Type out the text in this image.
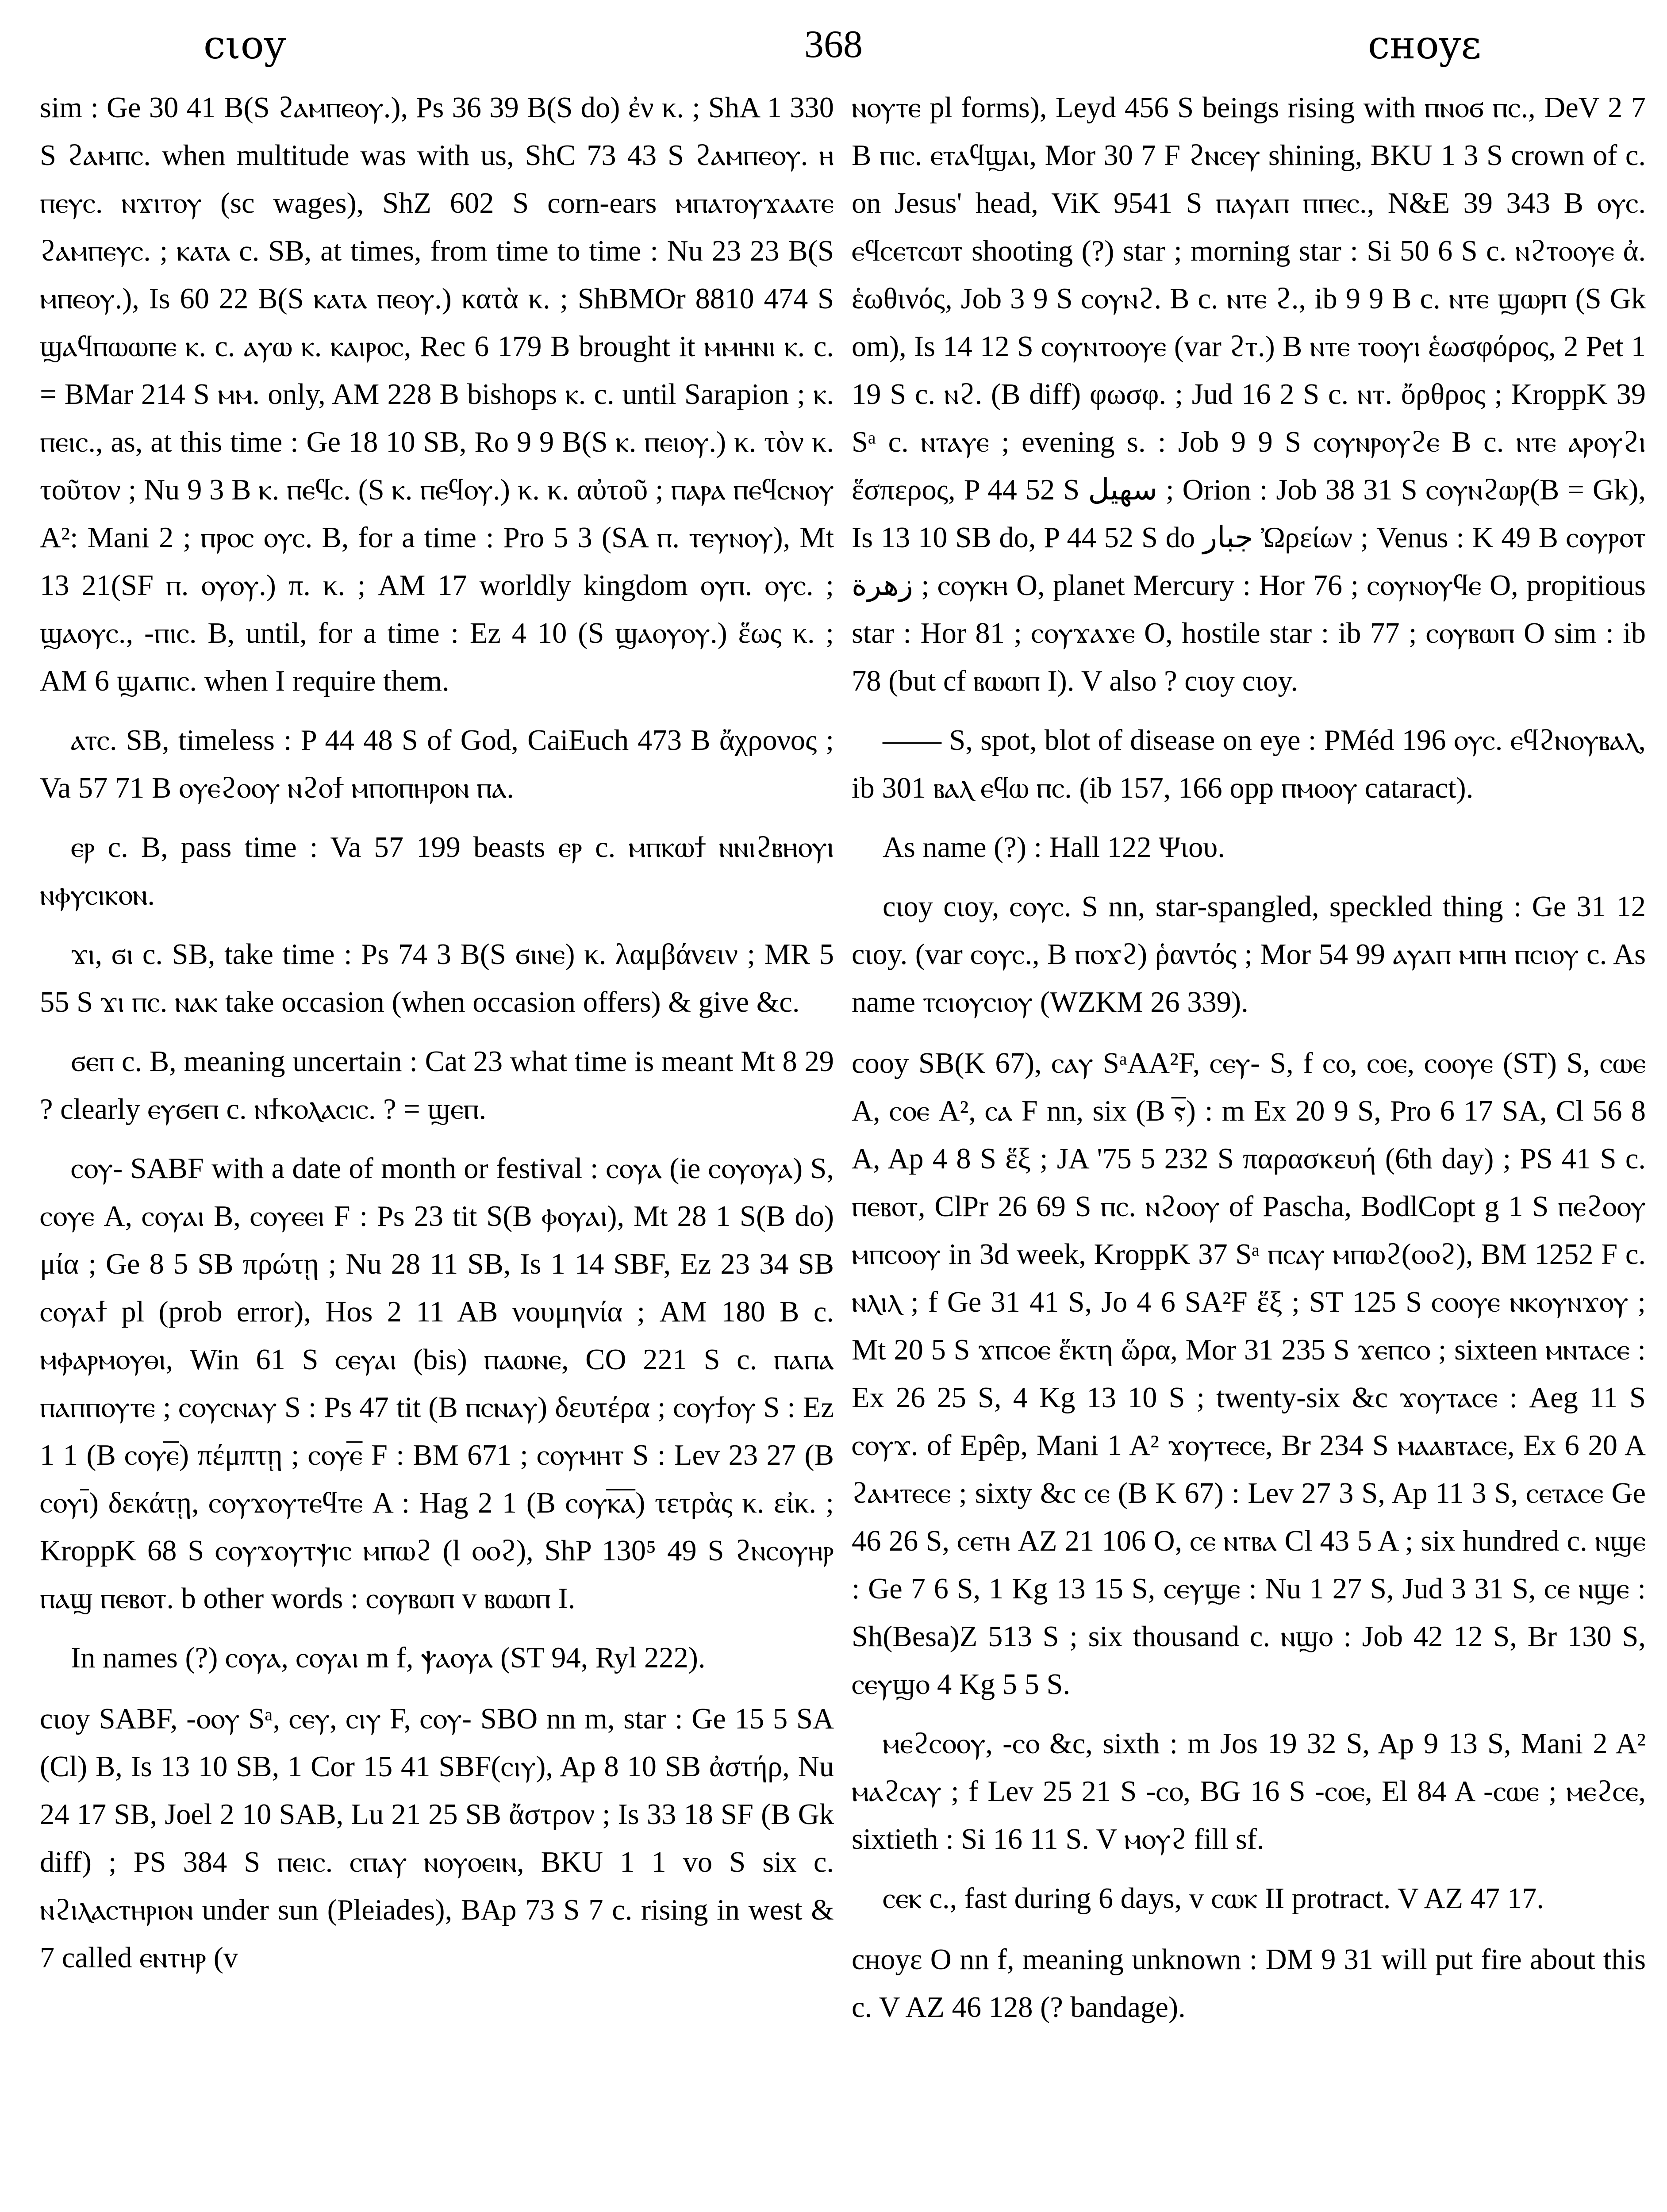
cιoy	368	cнoyɛ

sim : Ge 30 41 B(S ϩⲁⲙⲡⲉⲟⲩ.), Ps 36 39 B(S do) ἐν κ. ; ShA 1 330 S ϩⲁⲙⲡⲥ. when multitude was with us, ShC 73 43 S ϩⲁⲙⲡⲉⲟⲩ. ⲏ ⲡⲉⲩⲥ. ⲛϫⲓⲧⲟⲩ (sc wages), ShZ 602 S corn-ears ⲙⲡⲁⲧⲟⲩϫⲁⲁⲧⲉ ϩⲁⲙⲡⲉⲩⲥ. ; ⲕⲁⲧⲁ c. SB, at times, from time to time : Nu 23 23 B(S ⲙⲡⲉⲟⲩ.), Is 60 22 B(S ⲕⲁⲧⲁ ⲡⲉⲟⲩ.) κατὰ κ. ; ShBMOr 8810 474 S ϣⲁϥⲡⲱⲱⲡⲉ ⲕ. c. ⲁⲩⲱ ⲕ. ⲕⲁⲓⲣⲟⲥ, Rec 6 179 B brought it ⲙⲙⲏⲛⲓ ⲕ. c. = BMar 214 S ⲙⲙ. only, AM 228 B bishops ⲕ. c. until Sarapion ; ⲕ. ⲡⲉⲓⲥ., as, at this time : Ge 18 10 SB, Ro 9 9 B(S ⲕ. ⲡⲉⲓⲟⲩ.) κ. τὸν κ. τοῦτον ; Nu 9 3 B ⲕ. ⲡⲉϥⲥ. (S ⲕ. ⲡⲉϥⲟⲩ.) κ. κ. αὐτοῦ ; ⲡⲁⲣⲁ ⲡⲉϥⲥⲛⲟⲩ A²: Mani 2 ; ⲡⲣⲟⲥ ⲟⲩⲥ. B, for a time : Pro 5 3 (SA ⲡ. ⲧⲉⲩⲛⲟⲩ), Mt 13 21(SF ⲡ. ⲟⲩⲟⲩ.) π. κ. ; AM 17 worldly kingdom ⲟⲩⲡ. ⲟⲩⲥ. ; ϣⲁⲟⲩⲥ., -ⲡⲓⲥ. B, until, for a time : Ez 4 10 (S ϣⲁⲟⲩⲟⲩ.) ἕως κ. ; AM 6 ϣⲁⲡⲓⲥ. when I require them.

ⲁⲧⲥ. SB, timeless : P 44 48 S of God, CaiEuch 473 B ἄχρονος ; Va 57 71 B ⲟⲩⲉϩⲟⲟⲩ ⲛϩⲟϯ ⲙⲡⲟⲡⲏⲣⲟⲛ ⲡⲁ.

ⲉⲣ c. B, pass time : Va 57 199 beasts ⲉⲣ c. ⲙⲡⲕⲱϯ ⲛⲛⲓϩⲃⲏⲟⲩⲓ ⲛⲫⲩⲥⲓⲕⲟⲛ.

ϫⲓ, ϭⲓ c. SB, take time : Ps 74 3 B(S ϭⲓⲛⲉ) κ. λαμβάνειν ; MR 5 55 S ϫⲓ ⲡⲥ. ⲛⲁⲕ take occasion (when occasion offers) & give &c.

ϭⲉⲡ c. B, meaning uncertain : Cat 23 what time is meant Mt 8 29 ? clearly ⲉⲩϭⲉⲡ c. ⲛϯⲕⲟⲗⲁⲥⲓⲥ. ? = ϣⲉⲡ.

ⲥⲟⲩ- SABF with a date of month or festival : ⲥⲟⲩⲁ (ie ⲥⲟⲩⲟⲩⲁ) S, ⲥⲟⲩⲉ A, ⲥⲟⲩⲁⲓ B, ⲥⲟⲩⲉⲉⲓ F : Ps 23 tit S(B ⲫⲟⲩⲁⲓ), Mt 28 1 S(B do) μία ; Ge 8 5 SB πρώτῃ ; Nu 28 11 SB, Is 1 14 SBF, Ez 23 34 SB ⲥⲟⲩⲁϯ pl (prob error), Hos 2 11 AB νουμηνία ; AM 180 B c. ⲙⲫⲁⲣⲙⲟⲩⲑⲓ, Win 61 S ⲥⲉⲩⲁⲓ (bis) ⲡⲁⲱⲛⲉ, CO 221 S c. ⲡⲁⲡⲁ ⲡⲁⲡⲡⲟⲩⲧⲉ ; ⲥⲟⲩⲥⲛⲁⲩ S : Ps 47 tit (B ⲡⲥⲛⲁⲩ) δευτέρα ; ⲥⲟⲩϯⲟⲩ S : Ez 1 1 (B ⲥⲟⲩⲉ̅) πέμπτῃ ; ⲥⲟⲩⲉ̅ F : BM 671 ; ⲥⲟⲩⲙⲏⲧ S : Lev 23 27 (B ⲥⲟⲩⲓ̅) δεκάτῃ, ⲥⲟⲩϫⲟⲩⲧⲉϥⲧⲉ A : Hag 2 1 (B ⲥⲟⲩⲕ̅ⲁ̅) τετρὰς κ. εἰκ. ; KroppK 68 S ⲥⲟⲩϫⲟⲩⲧⲯⲓⲥ ⲙⲡⲱϩ (l ⲟⲟϩ), ShP 130⁵ 49 S ϩⲛⲥⲟⲩⲏⲣ ⲡⲁϣ ⲡⲉⲃⲟⲧ. b other words : ⲥⲟⲩⲃⲱⲡ v ⲃⲱⲱⲡ I.

In names (?) ⲥⲟⲩⲁ, ⲥⲟⲩⲁⲓ m f, ⲯⲁⲟⲩⲁ (ST 94, Ryl 222).

cιoy SABF, -ⲟⲟⲩ Sᵃ, ⲥⲉⲩ, ⲥⲓⲩ F, ⲥⲟⲩ- SBO nn m, star : Ge 15 5 SA (Cl) B, Is 13 10 SB, 1 Cor 15 41 SBF(ⲥⲓⲩ), Ap 8 10 SB ἀστήρ, Nu 24 17 SB, Joel 2 10 SAB, Lu 21 25 SB ἄστρον ; Is 33 18 SF (B Gk diff) ; PS 384 S ⲡⲉⲓⲥ. ⲥⲡⲁⲩ ⲛⲟⲩⲟⲉⲓⲛ, BKU 1 1 vo S six c. ⲛϩⲓⲗⲁⲥⲧⲏⲣⲓⲟⲛ under sun (Pleiades), BAp 73 S 7 c. rising in west & 7 called ⲉⲛⲧⲏⲣ (v

ⲛⲟⲩⲧⲉ pl forms), Leyd 456 S beings rising with ⲡⲛⲟϭ ⲡⲥ., DeV 2 7 B ⲡⲓⲥ. ⲉⲧⲁϥϣⲁⲓ, Mor 30 7 F ϩⲛⲥⲉⲩ shining, BKU 1 3 S crown of c. on Jesus' head, ViK 9541 S ⲡⲁⲩⲁⲡ ⲡⲡⲉⲥ., N&E 39 343 B ⲟⲩⲥ. ⲉϥⲥⲉⲧⲥⲱⲧ shooting (?) star ; morning star : Si 50 6 S c. ⲛϩⲧⲟⲟⲩⲉ ἀ. ἑωθινός, Job 3 9 S ⲥⲟⲩⲛϩ. B c. ⲛⲧⲉ ϩ., ib 9 9 B c. ⲛⲧⲉ ϣⲱⲣⲡ (S Gk om), Is 14 12 S ⲥⲟⲩⲛⲧⲟⲟⲩⲉ (var ϩⲧ.) B ⲛⲧⲉ ⲧⲟⲟⲩⲓ ἑωσφόρος, 2 Pet 1 19 S c. ⲛϩ. (B diff) φωσφ. ; Jud 16 2 S c. ⲛⲧ. ὄρθρος ; KroppK 39 Sᵃ c. ⲛⲧⲁⲩⲉ ; evening s. : Job 9 9 S ⲥⲟⲩⲛⲣⲟⲩϩⲉ B c. ⲛⲧⲉ ⲁⲣⲟⲩϩⲓ ἕσπερος, P 44 52 S سهيل ; Orion : Job 38 31 S ⲥⲟⲩⲛϩⲱⲣ(B = Gk), Is 13 10 SB do, P 44 52 S do جبار Ὠρείων ; Venus : K 49 B ⲥⲟⲩⲣⲟⲧ زهرة ; ⲥⲟⲩⲕⲏ O, planet Mercury : Hor 76 ; ⲥⲟⲩⲛⲟⲩϥⲉ O, propitious star : Hor 81 ; ⲥⲟⲩϫⲁϫⲉ O, hostile star : ib 77 ; ⲥⲟⲩⲃⲱⲡ O sim : ib 78 (but cf ⲃⲱⲱⲡ I). V also ? cιoy cιoy.

—— S, spot, blot of disease on eye : PMéd 196 ⲟⲩⲥ. ⲉϥϩⲛⲟⲩⲃⲁⲗ, ib 301 ⲃⲁⲗ ⲉϥⲱ ⲡⲥ. (ib 157, 166 opp ⲡⲙⲟⲟⲩ cataract).

As name (?) : Hall 122 Ψιου.

cιoy cιoy, ⲥⲟⲩⲥ. S nn, star-spangled, speckled thing : Ge 31 12 cιoy. (var ⲥⲟⲩⲥ., B ⲡⲟϫϩ) ῥαντός ; Mor 54 99 ⲁⲩⲁⲡ ⲙⲡⲏ ⲡⲥⲓⲟⲩ c. As name ⲧⲥⲓⲟⲩⲥⲓⲟⲩ (WZKM 26 339).

cooy SB(K 67), ⲥⲁⲩ SᵃAA²F, ⲥⲉⲩ- S, f ⲥⲟ, ⲥⲟⲉ, ⲥⲟⲟⲩⲉ (ST) S, ⲥⲱⲉ A, ⲥⲟⲉ A², ⲥⲁ F nn, six (B ⲋ̅) : m Ex 20 9 S, Pro 6 17 SA, Cl 56 8 A, Ap 4 8 S ἕξ ; JA '75 5 232 S παρασκευή (6th day) ; PS 41 S c. ⲡⲉⲃⲟⲧ, ClPr 26 69 S ⲡⲥ. ⲛϩⲟⲟⲩ of Pascha, BodlCopt g 1 S ⲡⲉϩⲟⲟⲩ ⲙⲡⲥⲟⲟⲩ in 3d week, KroppK 37 Sᵃ ⲡⲥⲁⲩ ⲙⲡⲱϩ(ⲟⲟϩ), BM 1252 F c. ⲛⲗⲓⲗ ; f Ge 31 41 S, Jo 4 6 SA²F ἕξ ; ST 125 S ⲥⲟⲟⲩⲉ ⲛⲕⲟⲩⲛϫⲟⲩ ; Mt 20 5 S ϫⲡⲥⲟⲉ ἕκτη ὥρα, Mor 31 235 S ϫⲉⲡⲥⲟ ; sixteen ⲙⲛⲧⲁⲥⲉ : Ex 26 25 S, 4 Kg 13 10 S ; twenty-six &c ϫⲟⲩⲧⲁⲥⲉ : Aeg 11 S ⲥⲟⲩϫ. of Epêp, Mani 1 A² ϫⲟⲩⲧⲉⲥⲉ, Br 234 S ⲙⲁⲁⲃⲧⲁⲥⲉ, Ex 6 20 A ϩⲁⲙⲧⲉⲥⲉ ; sixty &c ⲥⲉ (B K 67) : Lev 27 3 S, Ap 11 3 S, ⲥⲉⲧⲁⲥⲉ Ge 46 26 S, ⲥⲉⲧⲏ AZ 21 106 O, ⲥⲉ ⲛⲧⲃⲁ Cl 43 5 A ; six hundred c. ⲛϣⲉ : Ge 7 6 S, 1 Kg 13 15 S, ⲥⲉⲩϣⲉ : Nu 1 27 S, Jud 3 31 S, ⲥⲉ ⲛϣⲉ : Sh(Besa)Z 513 S ; six thousand c. ⲛϣⲟ : Job 42 12 S, Br 130 S, ⲥⲉⲩϣⲟ 4 Kg 5 5 S.

ⲙⲉϩⲥⲟⲟⲩ, -ⲥⲟ &c, sixth : m Jos 19 32 S, Ap 9 13 S, Mani 2 A² ⲙⲁϩⲥⲁⲩ ; f Lev 25 21 S -ⲥⲟ, BG 16 S -ⲥⲟⲉ, El 84 A -ⲥⲱⲉ ; ⲙⲉϩⲥⲉ, sixtieth : Si 16 11 S. V ⲙⲟⲩϩ fill sf.

ⲥⲉⲕ c., fast during 6 days, v ⲥⲱⲕ II protract. V AZ 47 17.

cнoyɛ O nn f, meaning unknown : DM 9 31 will put fire about this c. V AZ 46 128 (? bandage).
